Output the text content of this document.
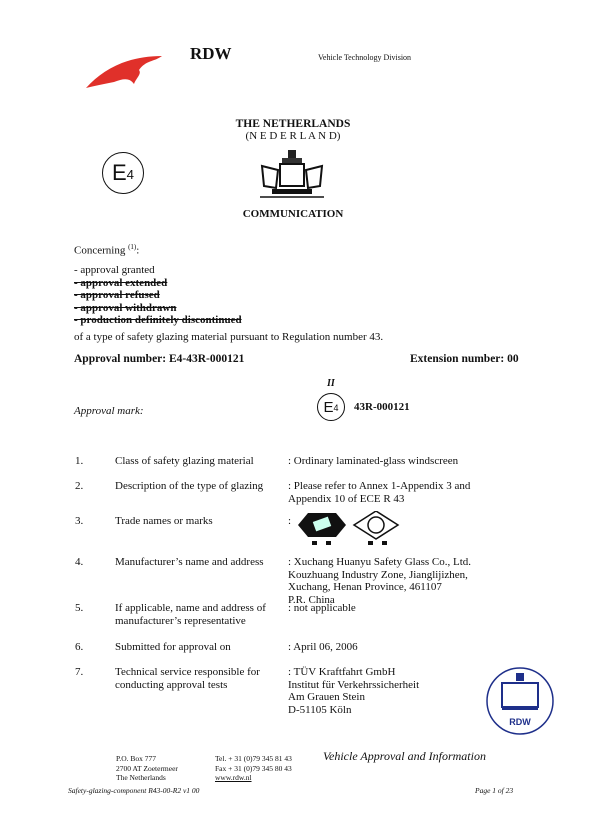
RDW	Vehicle Technology Division
THE NETHERLANDS
(N E D E R L A N D)
E 4
COMMUNICATION
Concerning $^{(1)}$:
- approval granted
- approval extended
- approval refused
- approval withdrawn
- production definitely discontinued
of a type of safety glazing material pursuant to Regulation number 43.
Approval number: E4-43R-000121	Extension number: 00
Approval mark:
II
E 4 43R-000121
1.	Class of safety glazing material	: Ordinary laminated-glass windscreen
2.	Description of the type of glazing : Please refer to Annex 1-Appendix 3 and
Appendix 10 of ECE R 43
3.	Trade names or marks	:
4.	Manufacturer’s name and address : Xuchang Huanyu Safety Glass Co., Ltd.
Kouzhuang Industry Zone, Jianglijizhen,
Xuchang, Henan Province, 461107
P.R. China
5.	If applicable, name and address of
manufacturer’s representative
: not applicable
6.	Submitted for approval on	: April 06, 2006
7.	Technical service responsible for
conducting approval tests
: TÜV Kraftfahrt GmbH
Institut für Verkehrssicherheit
Am Grauen Stein
D-51105 Köln
RDW
P.O. Box 777
2700 AT Zoetermeer
The Netherlands
Tel. + 31 (0)79 345 81 43
Fax + 31 (0)79 345 80 43
www.rdw.nl
Vehicle Approval and Information
Safety-glazing-component R43-00-R2 v1 00	Page 1 of 23
